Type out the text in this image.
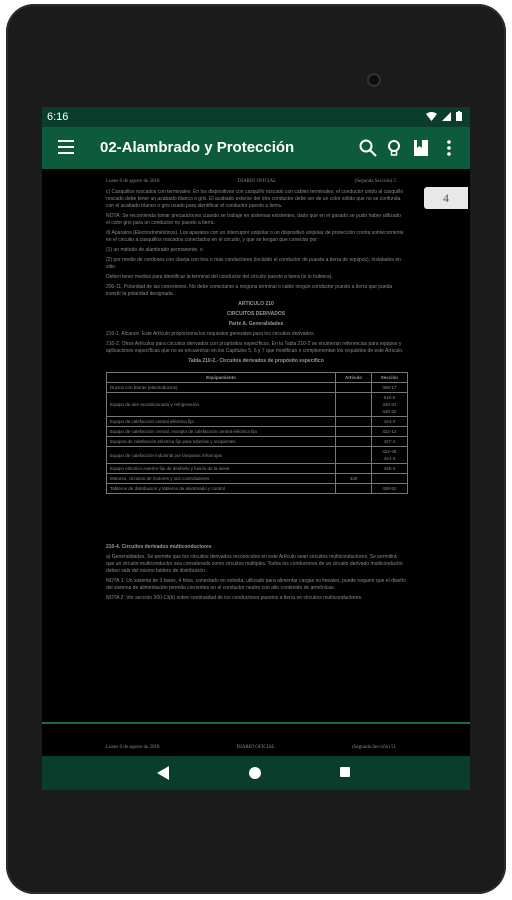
6:16
02-Alambrado y Protección
4
Lunes 6 de agosto de 2018	DIARIO OFICIAL	(Segunda Sección) 5

c) Casquillos roscados con terminales. En los dispositivos con casquillo roscado con cables terminales, el conductor unido al casquillo roscado debe tener un acabado blanco o gris. El acabado exterior del otro conductor debe ser de un color sólido que no se confunda con el acabado blanco o gris usado para identificar el conductor puesto a tierra.

NOTA: Se recomienda tomar precauciones cuando se trabaje en sistemas existentes, dado que en el pasado se pudo haber utilizado el color gris para un conductor no puesto a tierra.

d) Aparatos (Electrodomésticos). Los aparatos con un interruptor unipolar o un dispositivo unipolar de protección contra sobrecorriente en el circuito a casquillos roscados conectados en el circuito, y que se tengan que conectar por:

(1) un método de alambrado permanente, o

(2) por medio de cordones con clavija con tres o más conductores (incluido el conductor de puesta a tierra de equipos), instalados en sitio.

Deben tener medios para identificar la terminal del conductor del circuito puesto a tierra (si lo hubiera).

200-11. Polaridad de las conexiones. No debe conectarse a ninguna terminal o cable ningún conductor puesto a tierra que pueda invertir la polaridad designada.

ARTICULO 210

CIRCUITOS DERIVADOS

Parte A. Generalidades

210-1. Alcance. Este Artículo proporciona los requisitos generales para los circuitos derivados.

210-2. Otros Artículos para circuitos derivados con propósitos específicos. En la Tabla 210-2 se enumeran referencias para equipos y aplicaciones específicas que no se encuentran en los Capítulos 5, 6 y 7 que modifican o complementan los requisitos de este Artículo.

Tabla 210-2.- Circuitos derivados de propósito específico

Equipamiento	Artículo	Sección
Ductos con barras (electroductos)		368-17
Equipo de aire acondicionado y refrigeración		610-5
440-31
440-32
Equipo de calefacción central eléctrica fija		424-3
Equipo de calefacción central, excepto de calefacción central eléctrica fija		422-12
Equipos de calefacción eléctrica fijo para tuberías y recipientes		427-4
Equipo de calefacción industrial por lámparas infrarrojas		422-48
424-3
Equipo eléctrico exterior fijo de deshielo y fusión de la nieve		426-4
Motores, circuitos de motores y sus controladores	430	
Tableros de distribución y tableros de alumbrado y control		408-52

210-4. Circuitos derivados multiconductores

a) Generalidades. Se permite que los circuitos derivados reconocidos en este Artículo sean circuitos multiconductores. Se permitirá que un circuito multiconductor sea considerado como circuitos múltiples. Todos los conductores de un circuito derivado multiconductor deben salir del mismo tablero de distribución.

NOTA 1: Un sistema de 3 fases, 4 hilos, conectado en estrella, utilizado para alimentar cargas no lineales, puede requerir que el diseño del sistema de alimentación permita corrientes en el conductor neutro con alto contenido de armónicas.

NOTA 2: Ver sección 300-13(b) sobre continuidad de los conductores puestos a tierra en circuitos multiconductores.

Lunes 6 de agosto de 2018	DIARIO OFICIAL	(Segunda Sección) 51
